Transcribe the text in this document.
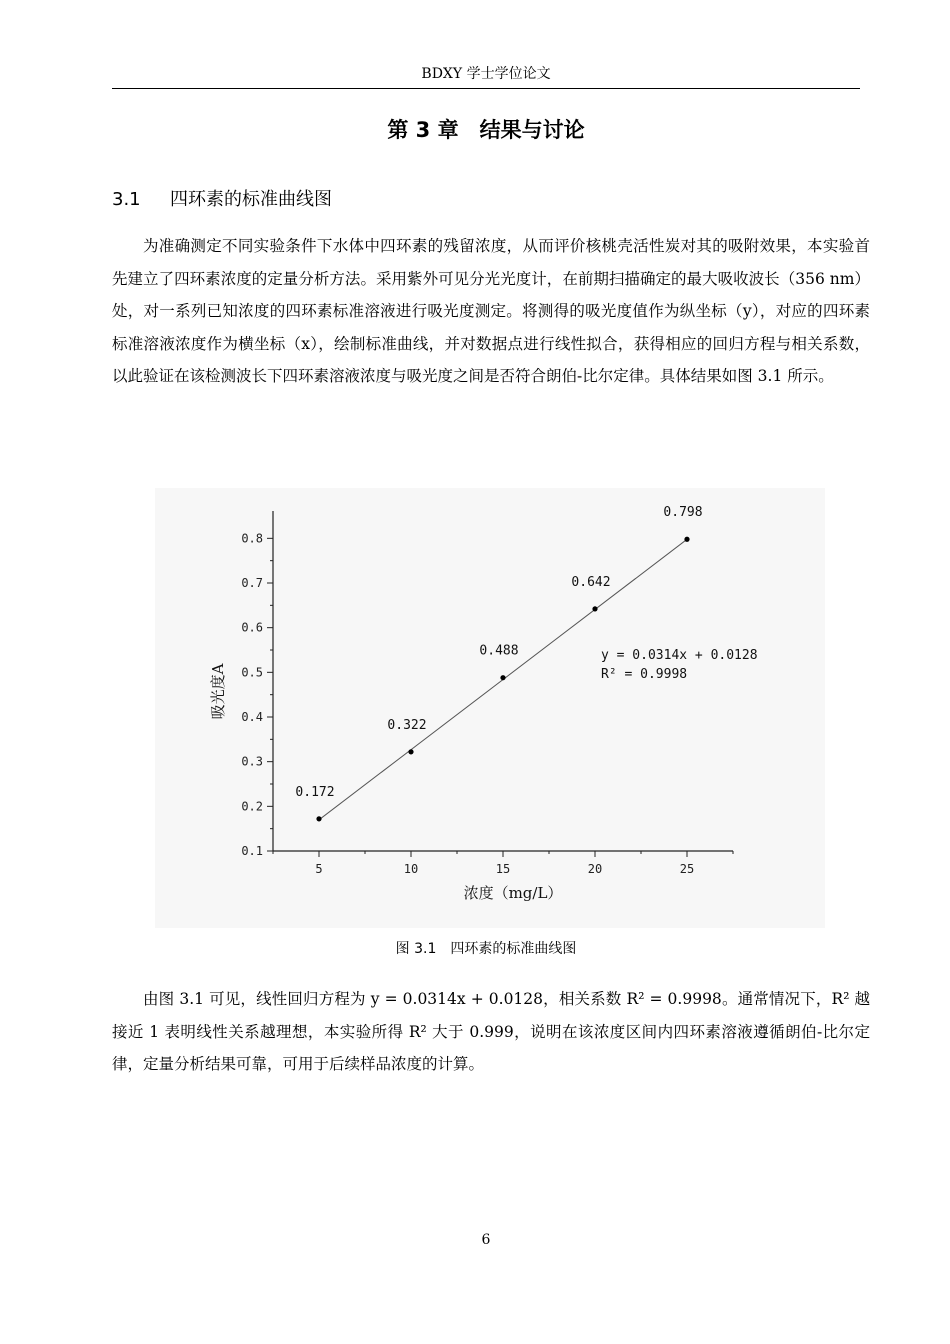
BDXY 学士学位论文
第 3 章　结果与讨论
3.1 四环素的标准曲线图

为准确测定不同实验条件下水体中四环素的残留浓度，从而评价核桃壳活性炭对其的吸附效果，本实验首先建立了四环素浓度的定量分析方法。采用紫外可见分光光度计，在前期扫描确定的最大吸收波长（356 nm）处，对一系列已知浓度的四环素标准溶液进行吸光度测定。将测得的吸光度值作为纵坐标（y），对应的四环素标准溶液浓度作为横坐标（x），绘制标准曲线，并对数据点进行线性拟合，获得相应的回归方程与相关系数，以此验证在该检测波长下四环素溶液浓度与吸光度之间是否符合朗伯-比尔定律。具体结果如图 3.1 所示。

0.1
0.2
0.3
0.4
0.5
0.6
0.7
0.8
5	10	15	20	25
0.172
0.322
0.488
0.642
0.798
y = 0.0314x + 0.0128
R² = 0.9998
浓度（mg/L）
吸光度A
图 3.1　四环素的标准曲线图

由图 3.1 可见，线性回归方程为 y = 0.0314x + 0.0128，相关系数 R² = 0.9998。通常情况下，R² 越接近 1 表明线性关系越理想，本实验所得 R² 大于 0.999，说明在该浓度区间内四环素溶液遵循朗伯-比尔定律，定量分析结果可靠，可用于后续样品浓度的计算。

6
